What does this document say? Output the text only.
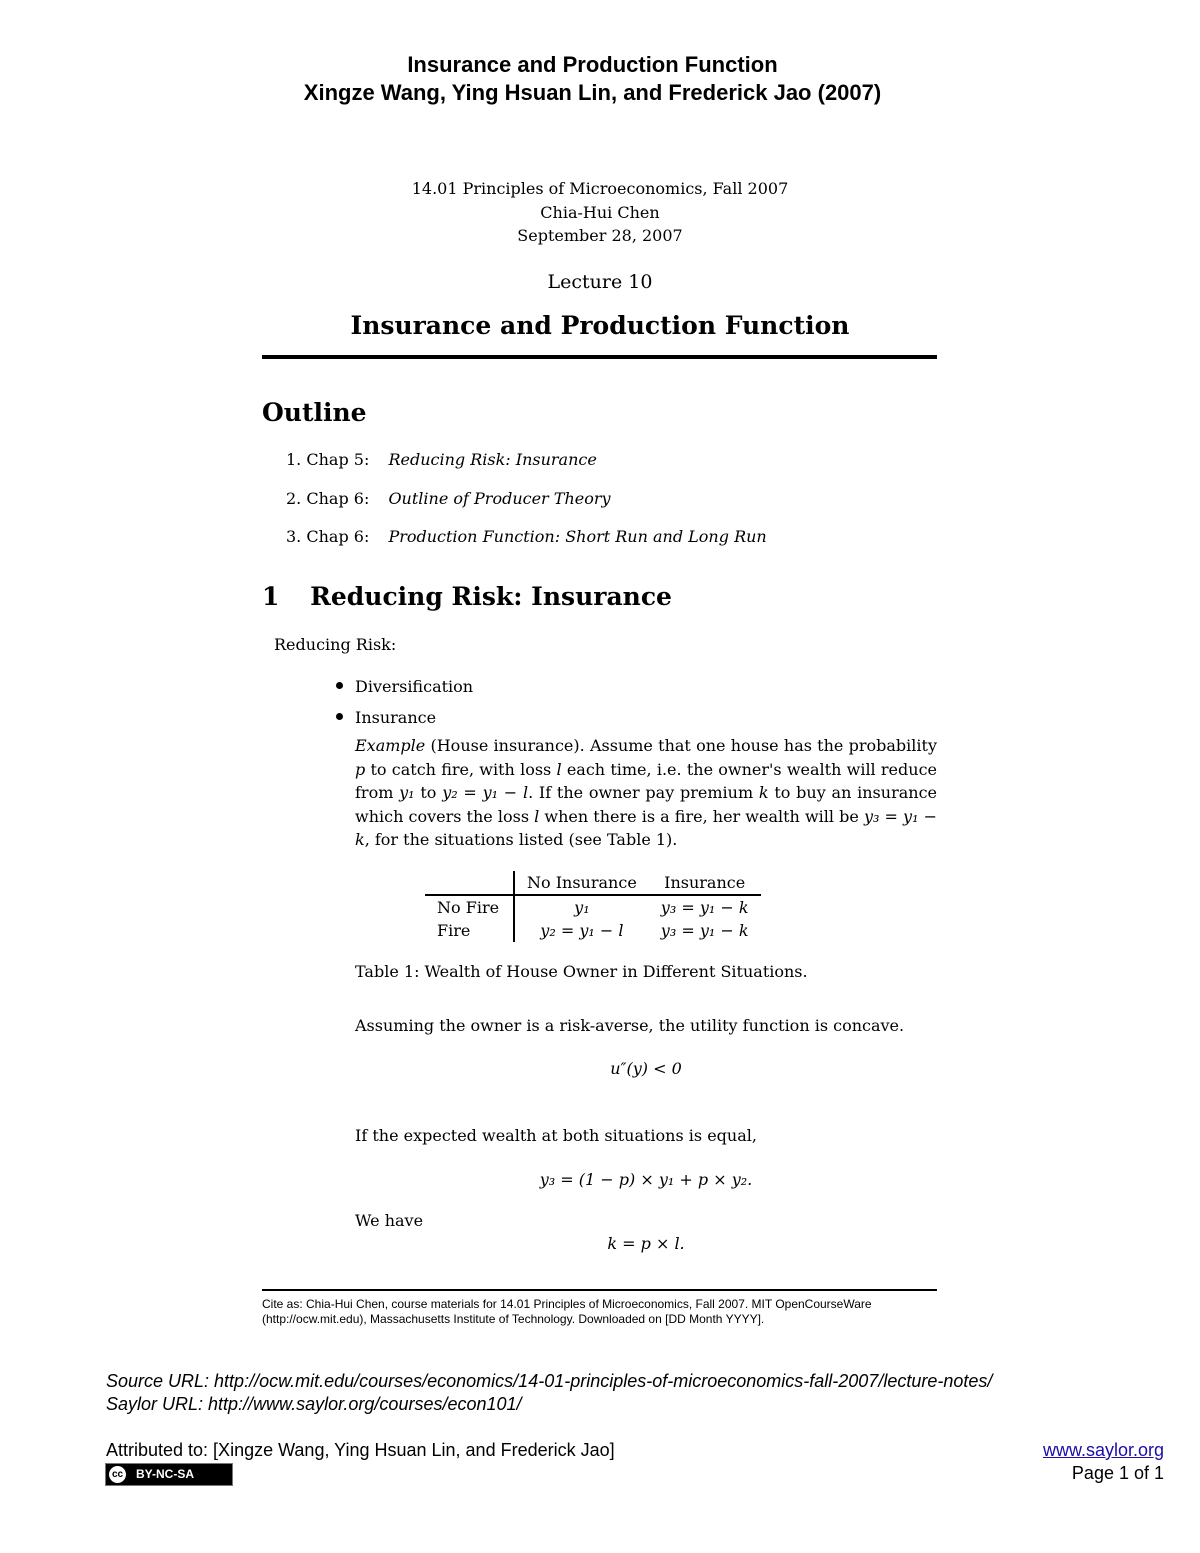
Insurance and Production Function
Xingze Wang, Ying Hsuan Lin, and Frederick Jao (2007)
14.01 Principles of Microeconomics, Fall 2007
Chia-Hui Chen
September 28, 2007
Lecture 10
Insurance and Production Function
Outline
1. Chap 5: Reducing Risk: Insurance
2. Chap 6: Outline of Producer Theory
3. Chap 6: Production Function: Short Run and Long Run
1 Reducing Risk: Insurance
Reducing Risk:
Diversification
Insurance
Example (House insurance). Assume that one house has the probability p to catch fire, with loss l each time, i.e. the owner's wealth will reduce from y₁ to y₂ = y₁ − l. If the owner pay premium k to buy an insurance which covers the loss l when there is a fire, her wealth will be y₃ = y₁ − k, for the situations listed (see Table 1).
	No Insurance	Insurance
No Fire	y₁	y₃ = y₁ − k
Fire	y₂ = y₁ − l	y₃ = y₁ − k
Table 1: Wealth of House Owner in Different Situations.
Assuming the owner is a risk-averse, the utility function is concave.
u″(y) < 0
If the expected wealth at both situations is equal,
y₃ = (1 − p) × y₁ + p × y₂.
We have
k = p × l.
Cite as: Chia-Hui Chen, course materials for 14.01 Principles of Microeconomics, Fall 2007. MIT OpenCourseWare (http://ocw.mit.edu), Massachusetts Institute of Technology. Downloaded on [DD Month YYYY].
Source URL: http://ocw.mit.edu/courses/economics/14-01-principles-of-microeconomics-fall-2007/lecture-notes/
Saylor URL: http://www.saylor.org/courses/econ101/
Attributed to: [Xingze Wang, Ying Hsuan Lin, and Frederick Jao]
cc BY-NC-SA
www.saylor.org
Page 1 of 1
